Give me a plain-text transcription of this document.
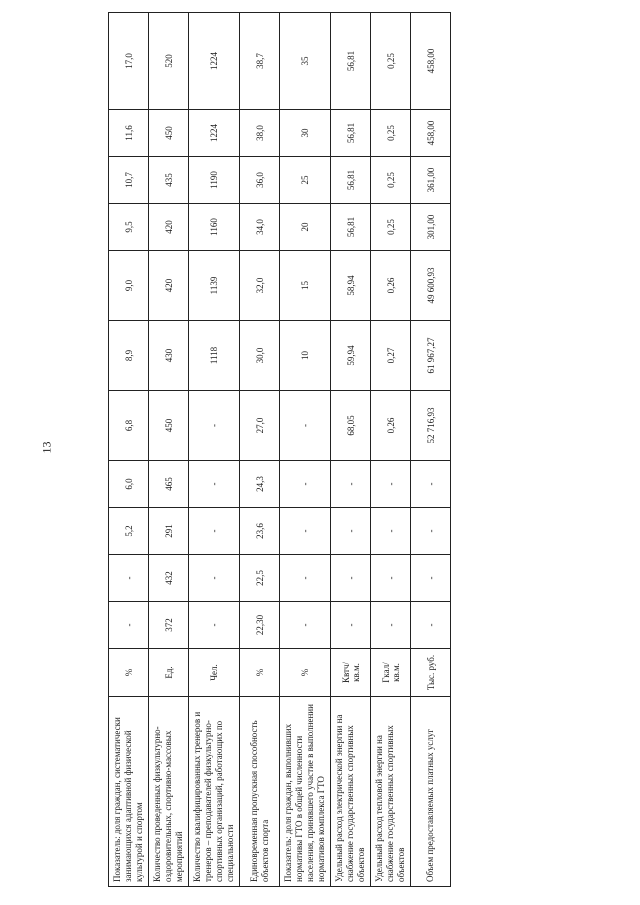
13
Показатель: доля граждан, систематически занимающихся адаптивной физической культурой и спортом	%	-	-	5,2	6,0	6,8	8,9	9,0	9,5	10,7	11,6	17,0
Количество проведенных физкультурно-оздоровительных, спортивно-массовых мероприятий	Ед.	372	432	291	465	450	430	420	420	435	450	520
Количество квалифицированных тренеров и тренеров – преподавателей физкультурно-спортивных организаций, работающих по специальности	Чел.	-	-	-	-	-	1118	1139	1160	1190	1224	1224
Единовременная пропускная способность объектов спорта	%	22,30	22,5	23,6	24,3	27,0	30,0	32,0	34,0	36,0	38,0	38,7
Показатель: доля граждан, выполнивших нормативы ГТО в общей численности населения, принявшего участие в выполнении нормативов комплекса ГТО	%	-	-	-	-	-	10	15	20	25	30	35
Удельный расход электрической энергии на снабжение государственных спортивных объектов	Квтч/ кв.м.	-	-	-	-	68,05	59,94	58,94	56,81	56,81	56,81	56,81
Удельный расход тепловой энергии на снабжение государственных спортивных объектов	Гкал/ кв.м.	-	-	-	-	0,26	0,27	0,26	0,25	0,25	0,25	0,25
Объем предоставляемых платных услуг	Тыс. руб.	-	-	-	-	52 716,93	61 967,27	49 600,93	301,00	361,00	458,00	458,00
